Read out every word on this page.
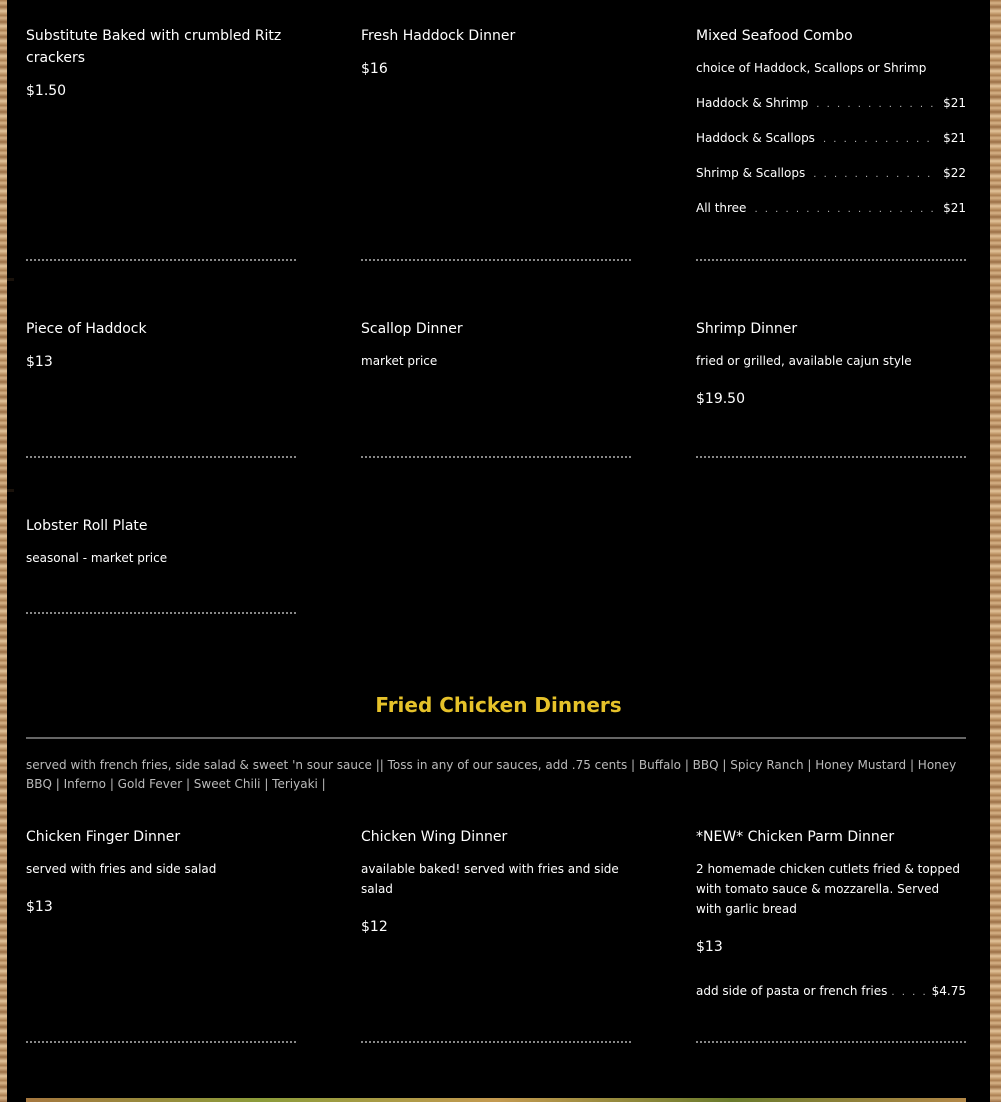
Substitute Baked with crumbled Ritz crackers
$1.50
Fresh Haddock Dinner
$16
Mixed Seafood Combo
choice of Haddock, Scallops or Shrimp
Haddock & Shrimp . . .	$21
Haddock & Scallops . . .	$21
Shrimp & Scallops . . .	$22
All three . . .	$21
Piece of Haddock
$13
Scallop Dinner
market price
Shrimp Dinner
fried or grilled, available cajun style
$19.50
Lobster Roll Plate
seasonal - market price
Fried Chicken Dinners
served with french fries, side salad & sweet 'n sour sauce || Toss in any of our sauces, add .75 cents | Buffalo | BBQ | Spicy Ranch | Honey Mustard | Honey BBQ | Inferno | Gold Fever | Sweet Chili | Teriyaki |
Chicken Finger Dinner
served with fries and side salad
$13
Chicken Wing Dinner
available baked! served with fries and side salad
$12
*NEW* Chicken Parm Dinner
2 homemade chicken cutlets fried & topped with tomato sauce & mozzarella. Served with garlic bread
$13
add side of pasta or french fries . . .	$4.75
